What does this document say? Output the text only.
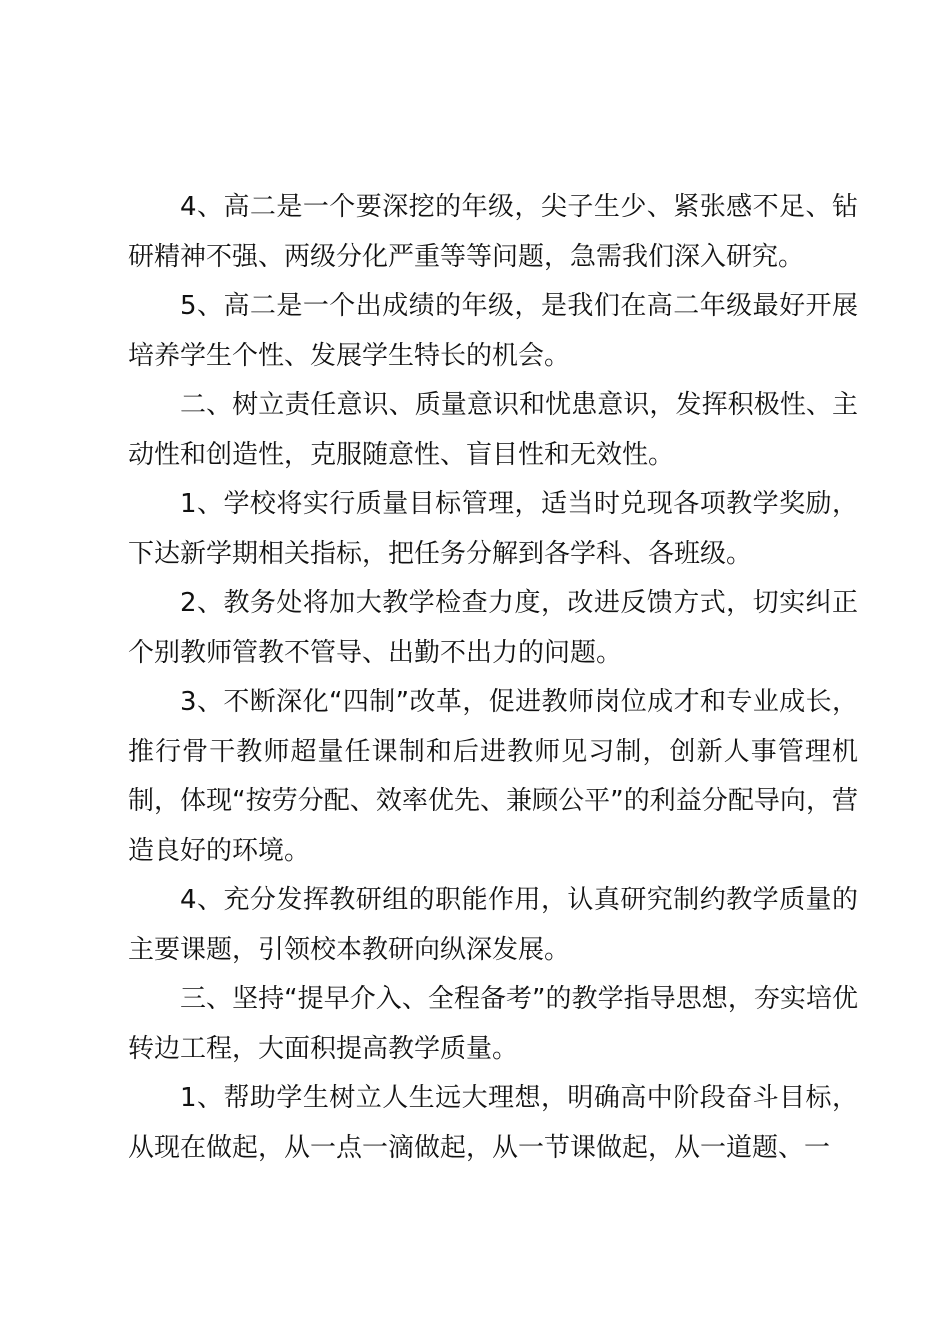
4、高二是一个要深挖的年级，尖子生少、紧张感不足、钻研精神不强、两级分化严重等等问题，急需我们深入研究。

5、高二是一个出成绩的年级，是我们在高二年级最好开展培养学生个性、发展学生特长的机会。

二、树立责任意识、质量意识和忧患意识，发挥积极性、主动性和创造性，克服随意性、盲目性和无效性。

1、学校将实行质量目标管理，适当时兑现各项教学奖励，下达新学期相关指标，把任务分解到各学科、各班级。

2、教务处将加大教学检查力度，改进反馈方式，切实纠正个别教师管教不管导、出勤不出力的问题。

3、不断深化“四制”改革，促进教师岗位成才和专业成长，推行骨干教师超量任课制和后进教师见习制，创新人事管理机制，体现“按劳分配、效率优先、兼顾公平”的利益分配导向，营造良好的环境。

4、充分发挥教研组的职能作用，认真研究制约教学质量的主要课题，引领校本教研向纵深发展。

三、坚持“提早介入、全程备考”的教学指导思想，夯实培优转边工程，大面积提高教学质量。

1、帮助学生树立人生远大理想，明确高中阶段奋斗目标，从现在做起，从一点一滴做起，从一节课做起，从一道题、一
